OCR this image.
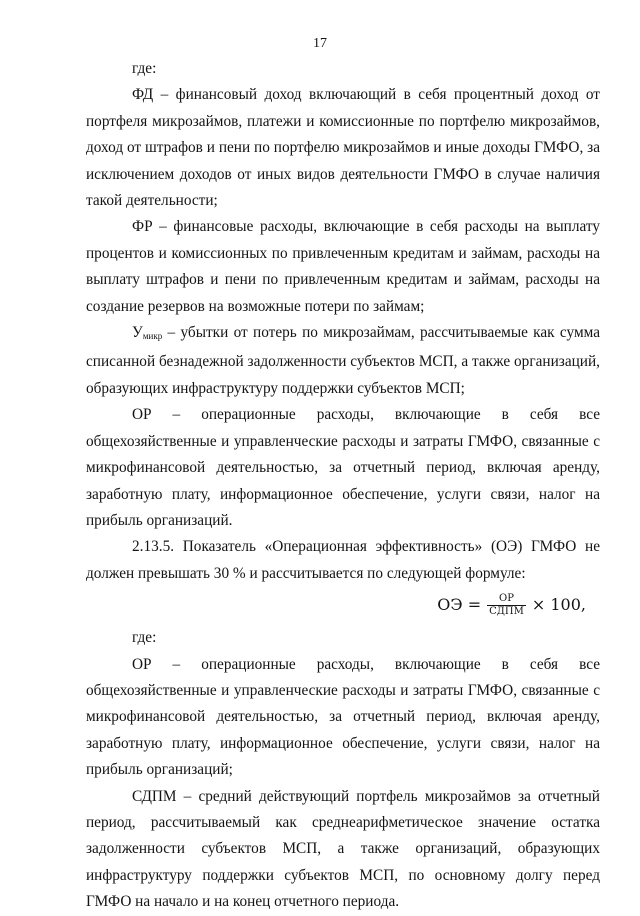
17

где:

ФД – финансовый доход включающий в себя процентный доход от портфеля микрозаймов, платежи и комиссионные по портфелю микрозаймов, доход от штрафов и пени по портфелю микрозаймов и иные доходы ГМФО, за исключением доходов от иных видов деятельности ГМФО в случае наличия такой деятельности;

ФР – финансовые расходы, включающие в себя расходы на выплату процентов и комиссионных по привлеченным кредитам и займам, расходы на выплату штрафов и пени по привлеченным кредитам и займам, расходы на создание резервов на возможные потери по займам;

$У_{микр}$ – убытки от потерь по микрозаймам, рассчитываемые как сумма списанной безнадежной задолженности субъектов МСП, а также организаций, образующих инфраструктуру поддержки субъектов МСП;

ОР – операционные расходы, включающие в себя все общехозяйственные и управленческие расходы и затраты ГМФО, связанные с микрофинансовой деятельностью, за отчетный период, включая аренду, заработную плату, информационное обеспечение, услуги связи, налог на прибыль организаций.

2.13.5. Показатель «Операционная эффективность» (ОЭ) ГМФО не должен превышать 30 % и рассчитывается по следующей формуле:

ОЭ = $\frac{ОР}{\text{СДПМ}} \times 100$,

где:

ОР – операционные расходы, включающие в себя все общехозяйственные и управленческие расходы и затраты ГМФО, связанные с микрофинансовой деятельностью, за отчетный период, включая аренду, заработную плату, информационное обеспечение, услуги связи, налог на прибыль организаций;

СДПМ – средний действующий портфель микрозаймов за отчетный период, рассчитываемый как среднеарифметическое значение остатка задолженности субъектов МСП, а также организаций, образующих инфраструктуру поддержки субъектов МСП, по основному долгу перед ГМФО на начало и на конец отчетного периода.
